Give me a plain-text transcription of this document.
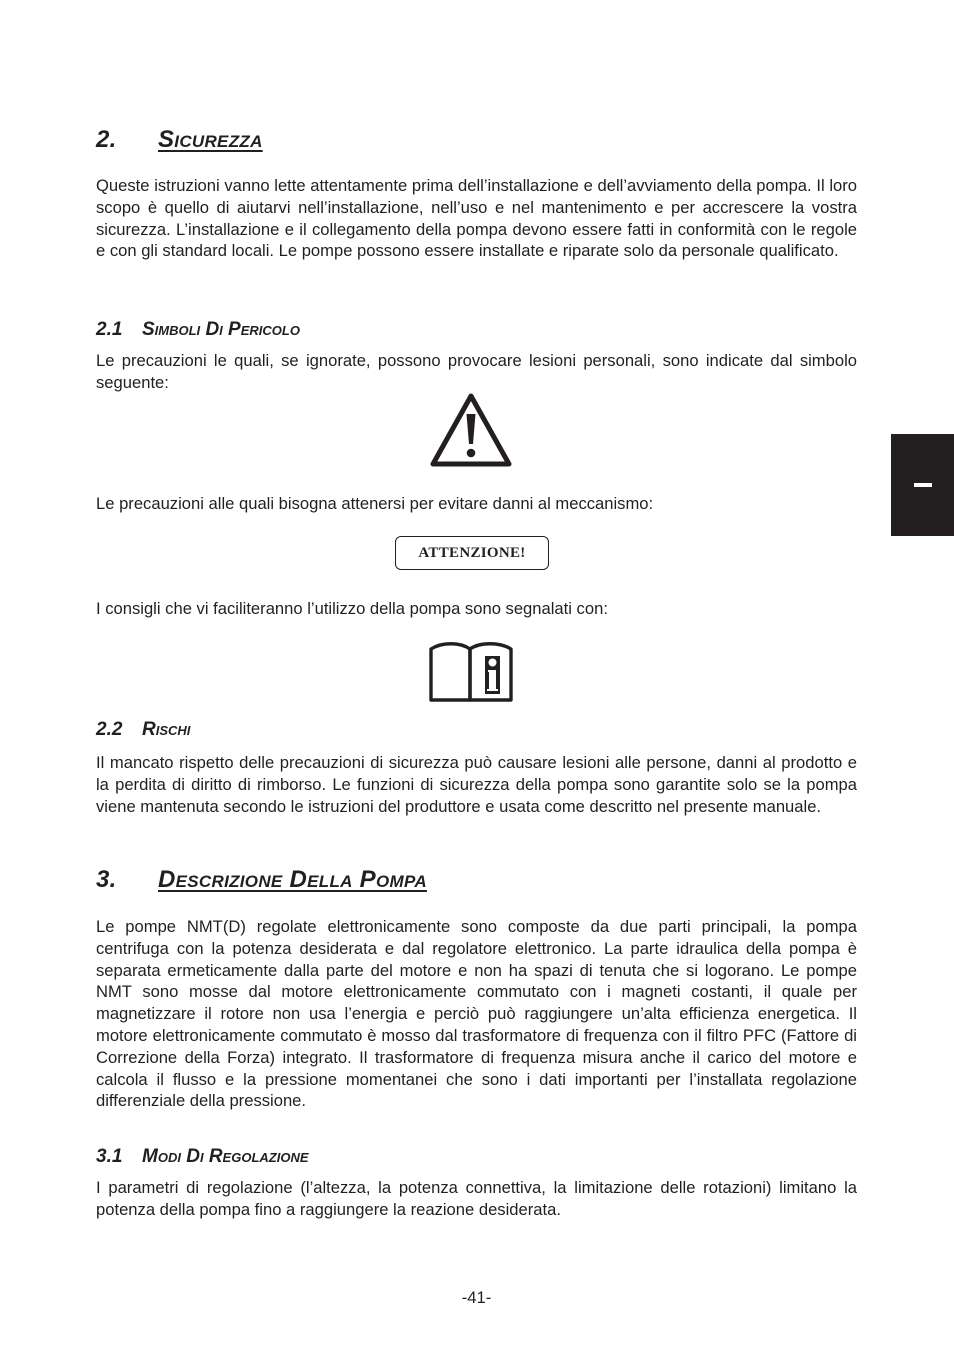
2. Sicurezza

Queste istruzioni vanno lette attentamente prima dell’installazione e dell’avviamento della pompa. Il loro scopo è quello di aiutarvi nell’installazione, nell’uso e nel mantenimento e per accrescere la vostra sicurezza. L’installazione e il collegamento della pompa devono essere fatti in conformità con le regole e con gli standard locali. Le pompe possono essere installate e riparate solo da personale qualificato.

2.1 Simboli Di Pericolo

Le precauzioni le quali, se ignorate, possono provocare lesioni personali, sono indicate dal simbolo seguente:

Le precauzioni alle quali bisogna attenersi per evitare danni al meccanismo:

ATTENZIONE!

I consigli che vi faciliteranno l’utilizzo della pompa sono segnalati con:

2.2 Rischi

Il mancato rispetto delle precauzioni di sicurezza può causare lesioni alle persone, danni al prodotto e la perdita di diritto di rimborso. Le funzioni di sicurezza della pompa sono garantite solo se la pompa viene mantenuta secondo le istruzioni del produttore e usata come descritto nel presente manuale.

3. Descrizione Della Pompa

Le pompe NMT(D) regolate elettronicamente sono composte da due parti principali, la pompa centrifuga con la potenza desiderata e dal regolatore elettronico. La parte idraulica della pompa è separata ermeticamente dalla parte del motore e non ha spazi di tenuta che si logorano. Le pompe NMT sono mosse dal motore elettronicamente commutato con i magneti costanti, il quale per magnetizzare il rotore non usa l’energia e perciò può raggiungere un’alta efficienza energetica. Il motore elettronicamente commutato è mosso dal trasformatore di frequenza con il filtro PFC (Fattore di Correzione della Forza) integrato. Il trasformatore di frequenza misura anche il carico del motore e calcola il flusso e la pressione momentanei che sono i dati importanti per l’installata regolazione differenziale della pressione.

3.1 Modi Di Regolazione

I parametri di regolazione (l’altezza, la potenza connettiva, la limitazione delle rotazioni) limitano la potenza della pompa fino a raggiungere la reazione desiderata.

-41-
